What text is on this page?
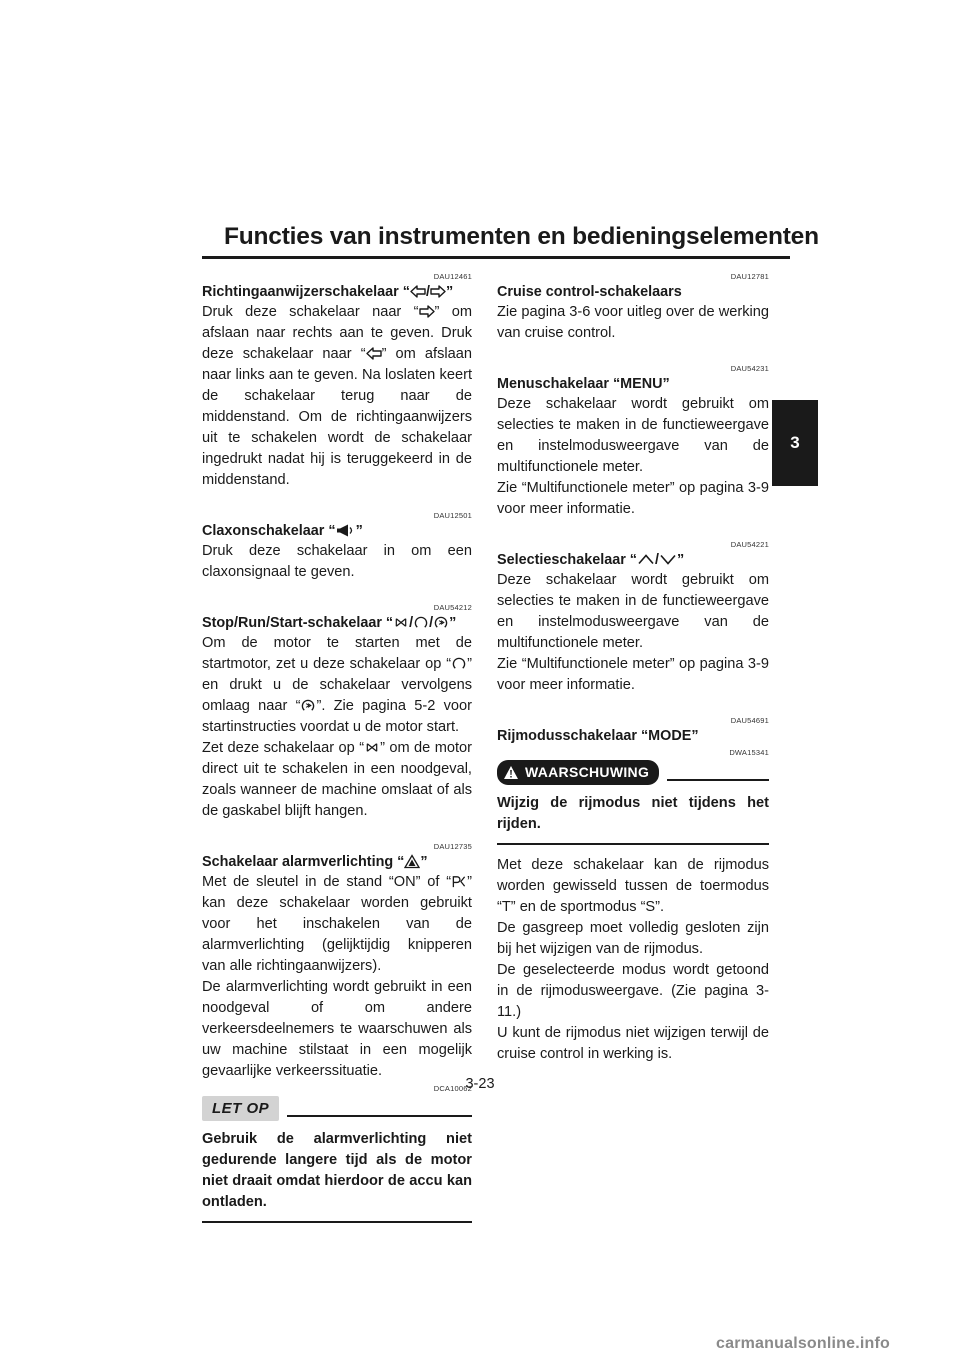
Functies van instrumenten en bedieningselementen
3
DAU12461
Richtingaanwijzerschakelaar “ / ”

Druk deze schakelaar naar “ ” om afslaan naar rechts aan te geven. Druk deze schakelaar naar “ ” om afslaan naar links aan te geven. Na loslaten keert de schakelaar terug naar de middenstand. Om de richtingaanwijzers uit te schakelen wordt de schakelaar ingedrukt nadat hij is teruggekeerd in de middenstand.

DAU12501
Claxonschakelaar “ ”

Druk deze schakelaar in om een claxonsignaal te geven.

DAU54212
Stop/Run/Start-schakelaar “ / / ”

Om de motor te starten met de startmotor, zet u deze schakelaar op “ ” en drukt u de schakelaar vervolgens omlaag naar “ ”. Zie pagina 5-2 voor startinstructies voordat u de motor start.

Zet deze schakelaar op “ ” om de motor direct uit te schakelen in een noodgeval, zoals wanneer de machine omslaat of als de gaskabel blijft hangen.

DAU12735
Schakelaar alarmverlichting “ ”

Met de sleutel in de stand “ON” of “ ” kan deze schakelaar worden gebruikt voor het inschakelen van de alarmverlichting (gelijktijdig knipperen van alle richtingaanwijzers).

De alarmverlichting wordt gebruikt in een noodgeval of om andere verkeersdeelnemers te waarschuwen als uw machine stilstaat in een mogelijk gevaarlijke verkeerssituatie.

DCA10062
LET OP
Gebruik de alarmverlichting niet gedurende langere tijd als de motor niet draait omdat hierdoor de accu kan ontladen.
DAU12781
Cruise control-schakelaars

Zie pagina 3-6 voor uitleg over de werking van cruise control.

DAU54231
Menuschakelaar “MENU”

Deze schakelaar wordt gebruikt om selecties te maken in de functieweergave en instelmodusweergave van de multifunctionele meter.

Zie “Multifunctionele meter” op pagina 3-9 voor meer informatie.

DAU54221
Selectieschakelaar “ / ”

Deze schakelaar wordt gebruikt om selecties te maken in de functieweergave en instelmodusweergave van de multifunctionele meter.

Zie “Multifunctionele meter” op pagina 3-9 voor meer informatie.

DAU54691
Rijmodusschakelaar “MODE”
DWA15341
WAARSCHUWING
Wijzig de rijmodus niet tijdens het rijden.

Met deze schakelaar kan de rijmodus worden gewisseld tussen de toermodus “T” en de sportmodus “S”.

De gasgreep moet volledig gesloten zijn bij het wijzigen van de rijmodus.

De geselecteerde modus wordt getoond in de rijmodusweergave. (Zie pagina 3-11.)

U kunt de rijmodus niet wijzigen terwijl de cruise control in werking is.

3-23
carmanualsonline.info
